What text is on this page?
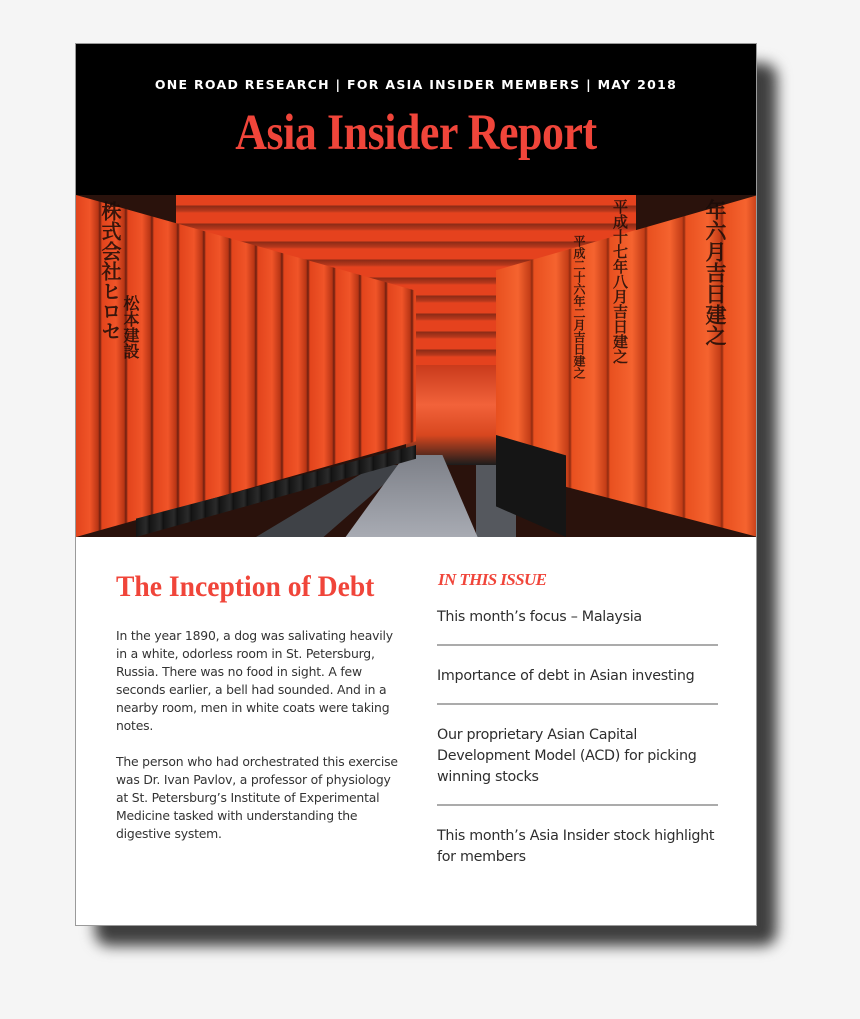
ONE ROAD RESEARCH | FOR ASIA INSIDER MEMBERS | MAY 2018
Asia Insider Report
株式会社ヒロセ 松本建設	平成十七年八月吉日建之
平成二十六年二月吉日建之	年六月吉日建之
The Inception of Debt

In the year 1890, a dog was salivating heavily in a white, odorless room in St. Petersburg, Russia. There was no food in sight. A few seconds earlier, a bell had sounded. And in a nearby room, men in white coats were taking notes.

The person who had orchestrated this exercise was Dr. Ivan Pavlov, a professor of physiology at St. Petersburg’s Institute of Experimental Medicine tasked with understanding the digestive system.

IN THIS ISSUE
This month’s focus – Malaysia
Importance of debt in Asian investing
Our proprietary Asian Capital Development Model (ACD) for picking winning stocks
This month’s Asia Insider stock highlight for members
